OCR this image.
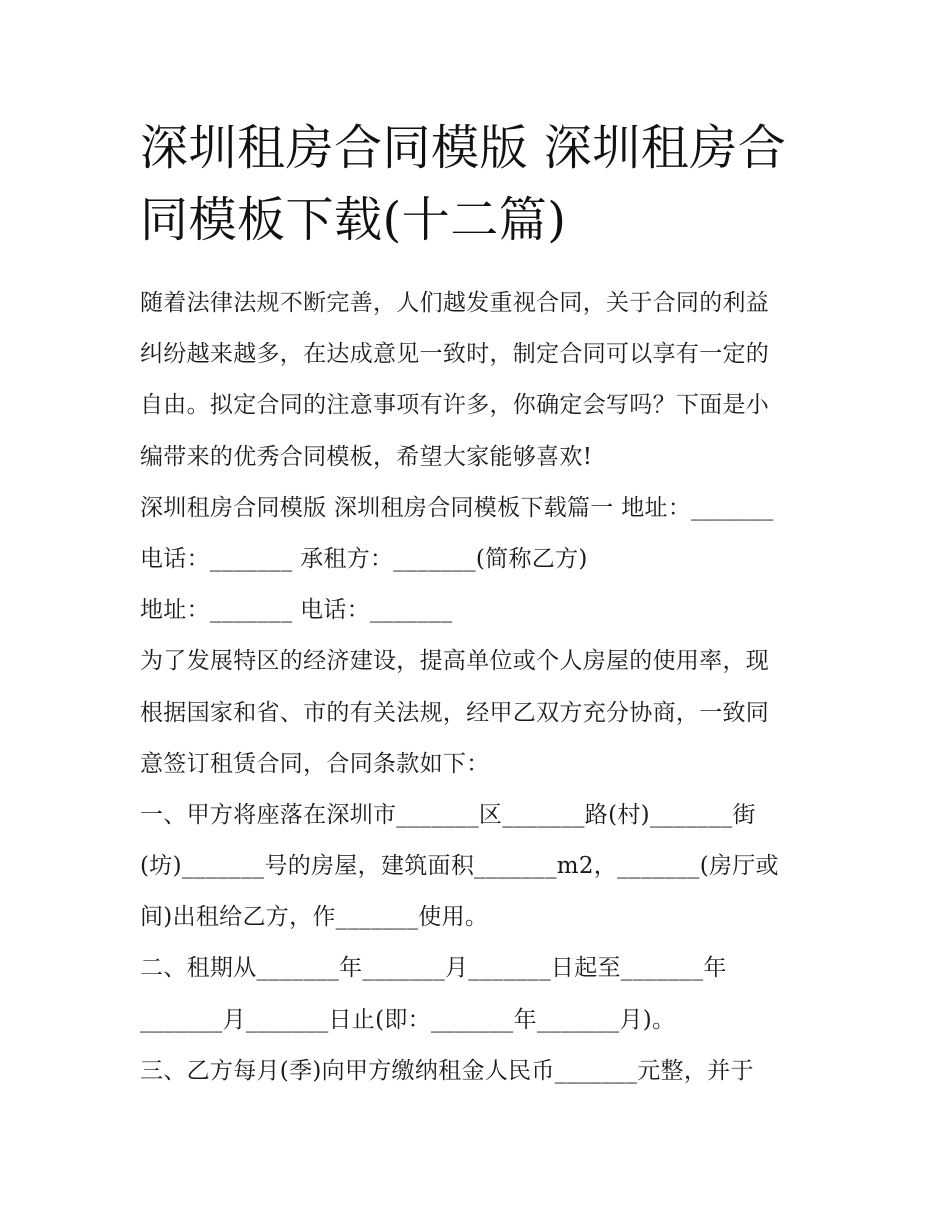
深圳租房合同模版 深圳租房合
同模板下载(十二篇)
随着法律法规不断完善，人们越发重视合同，关于合同的利益
纠纷越来越多，在达成意见一致时，制定合同可以享有一定的
自由。拟定合同的注意事项有许多，你确定会写吗？下面是小
编带来的优秀合同模板，希望大家能够喜欢!
深圳租房合同模版 深圳租房合同模板下载篇一 地址：_______
电话：_______ 承租方：_______(简称乙方)
地址：_______ 电话：_______
为了发展特区的经济建设，提高单位或个人房屋的使用率，现
根据国家和省、市的有关法规，经甲乙双方充分协商，一致同
意签订租赁合同，合同条款如下：
一、甲方将座落在深圳市_______区_______路(村)_______街
(坊)_______号的房屋，建筑面积_______m2，_______(房厅或
间)出租给乙方，作_______使用。
二、租期从_______年_______月_______日起至_______年
_______月_______日止(即：_______年_______月)。
三、乙方每月(季)向甲方缴纳租金人民币_______元整，并于
